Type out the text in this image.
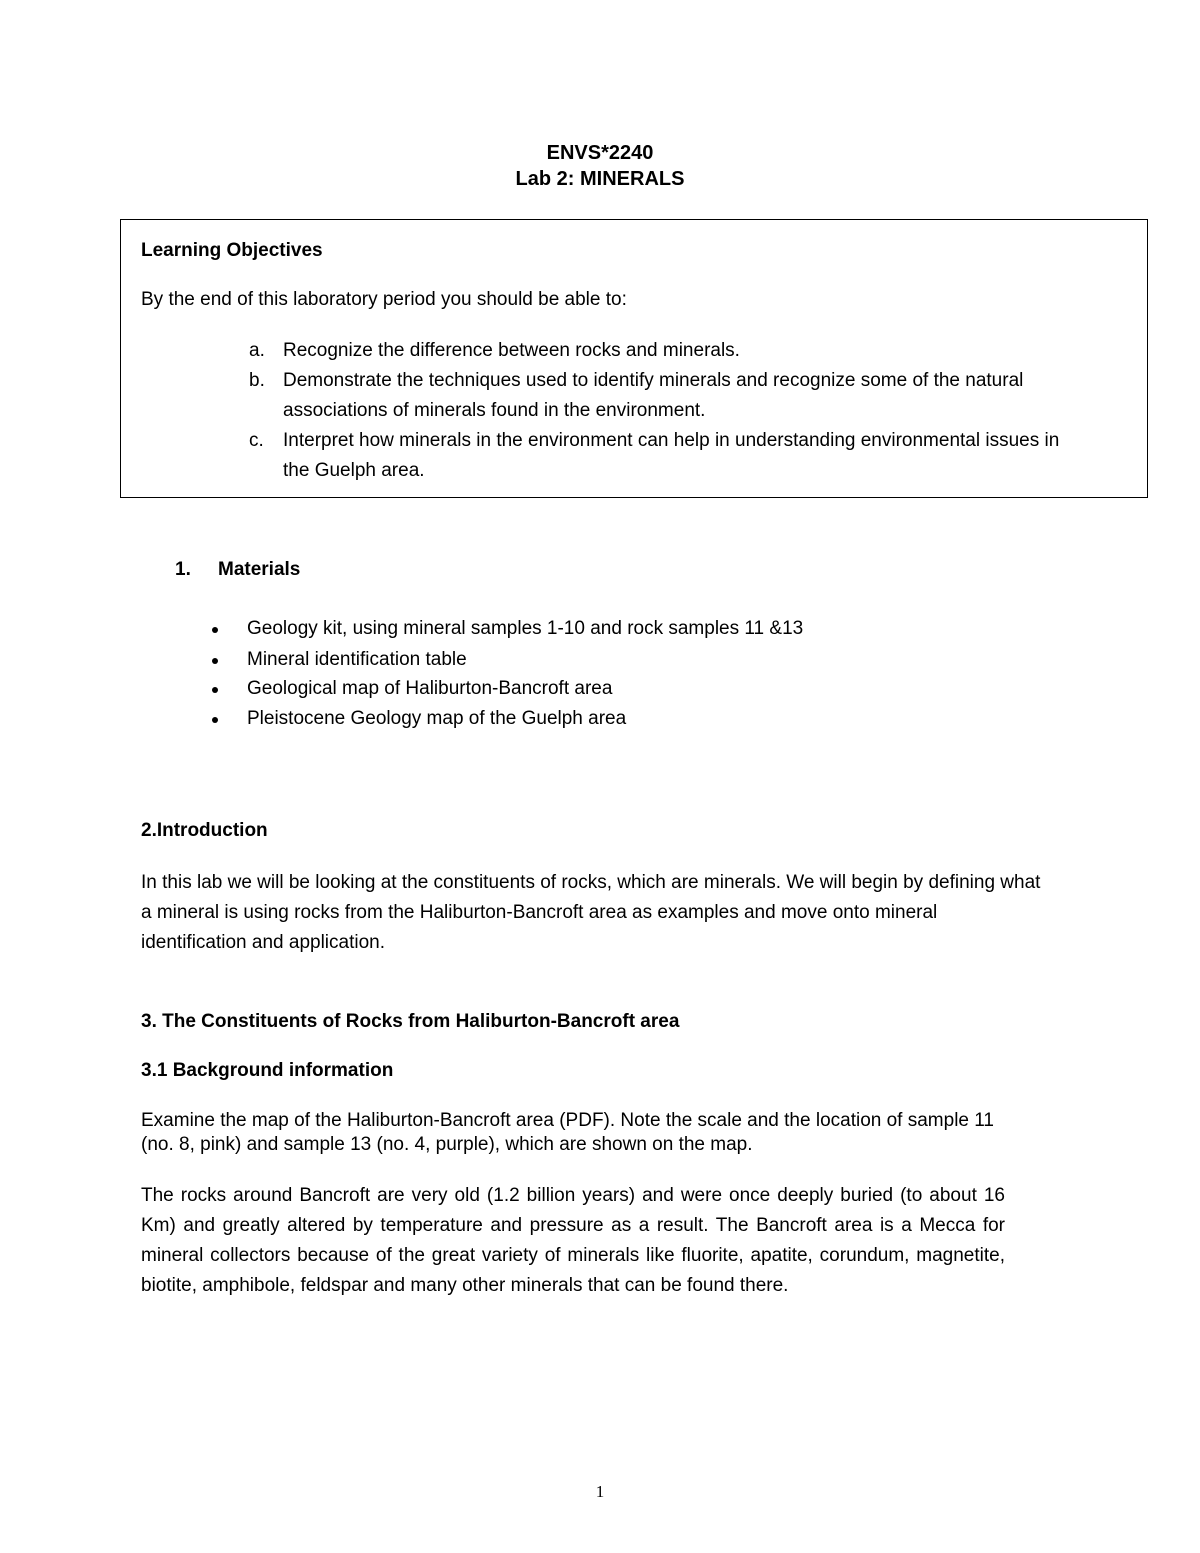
ENVS*2240
Lab 2: MINERALS
Learning Objectives
By the end of this laboratory period you should be able to:
a. Recognize the difference between rocks and minerals.
b. Demonstrate the techniques used to identify minerals and recognize some of the natural  associations of minerals found in the environment.
c.	Interpret how minerals in the environment can help in understanding environmental issues in the Guelph area.
1. Materials
Geology kit, using mineral samples 1-10 and rock samples 11 &13
Mineral identification table
Geological map of Haliburton-Bancroft area
Pleistocene Geology map of the Guelph area
2.Introduction
In this lab we will be looking at the constituents of rocks, which are minerals. We will begin by defining what a mineral is using rocks from the Haliburton-Bancroft area as examples and move onto mineral identification and application.
3. The Constituents of Rocks from Haliburton-Bancroft area
3.1 Background information
Examine the map of the Haliburton-Bancroft area (PDF). Note the scale and the location of sample 11 (no. 8, pink) and sample 13 (no. 4, purple), which are shown on the map.
The rocks around Bancroft are very old (1.2 billion years) and were once deeply buried (to about 16 Km) and greatly altered by temperature and pressure as a result. The Bancroft area is a Mecca for mineral collectors because of the great variety of minerals like fluorite, apatite, corundum, magnetite, biotite, amphibole, feldspar and many other minerals that can be found there.
1
